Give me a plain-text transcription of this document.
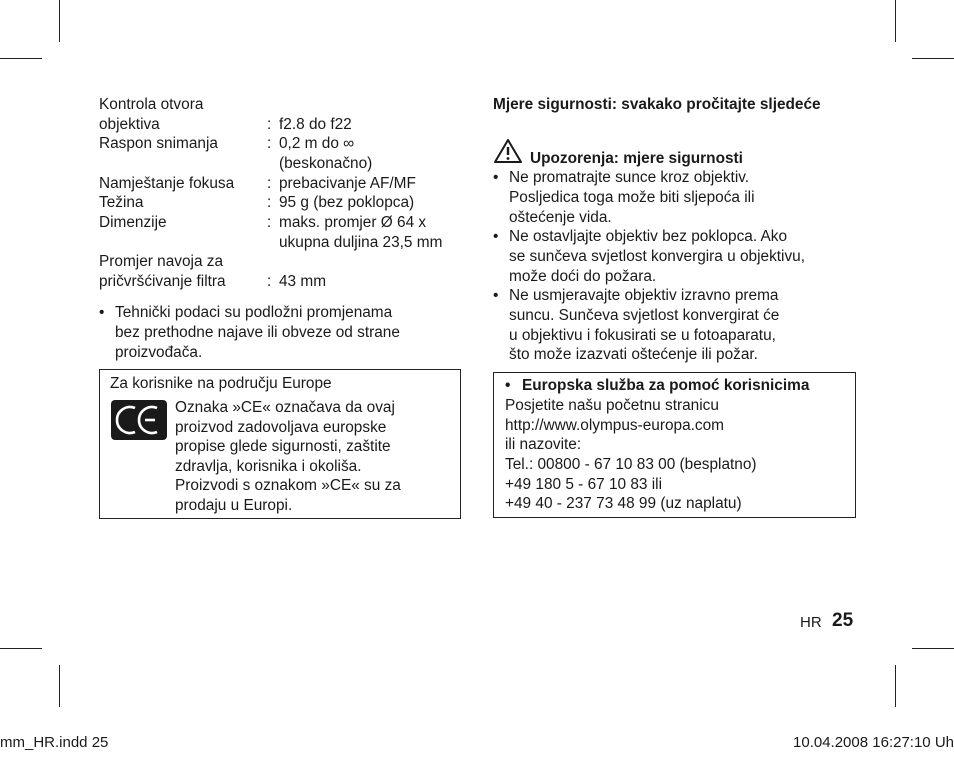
Kontrola otvora
objektiva	: f2.8 do f22
Raspon snimanja	: 0,2 m do ∞
(beskonačno)
Namještanje fokusa : prebacivanje AF/MF
Težina	: 95 g (bez poklopca)
Dimenzije	: maks. promjer Ø 64 x
ukupna duljina 23,5 mm
Promjer navoja za
pričvršćivanje filtra	: 43 mm
• Tehnički podaci su podložni promjenama
bez prethodne najave ili obveze od strane
proizvođača.
Za korisnike na području Europe
Oznaka »CE« označava da ovaj
proizvod zadovoljava europske
propise glede sigurnosti, zaštite
zdravlja, korisnika i okoliša.
Proizvodi s oznakom »CE« su za
prodaju u Europi.
Mjere sigurnosti: svakako pročitajte sljedeće
Upozorenja: mjere sigurnosti
• Ne promatrajte sunce kroz objektiv.
Posljedica toga može biti sljepoća ili
oštećenje vida.
• Ne ostavljajte objektiv bez poklopca. Ako
se sunčeva svjetlost konvergira u objektivu,
može doći do požara.
• Ne usmjeravajte objektiv izravno prema
suncu. Sunčeva svjetlost konvergirat će
u objektivu i fokusirati se u fotoaparatu,
što može izazvati oštećenje ili požar.
• Europska služba za pomoć korisnicima
Posjetite našu početnu stranicu
http://www.olympus-europa.com
ili nazovite:
Tel.: 00800 - 67 10 83 00 (besplatno)
+49 180 5 - 67 10 83 ili
+49 40 - 237 73 48 99 (uz naplatu)
HR 25
mm_HR.indd 25	10.04.2008 16:27:10 Uh
